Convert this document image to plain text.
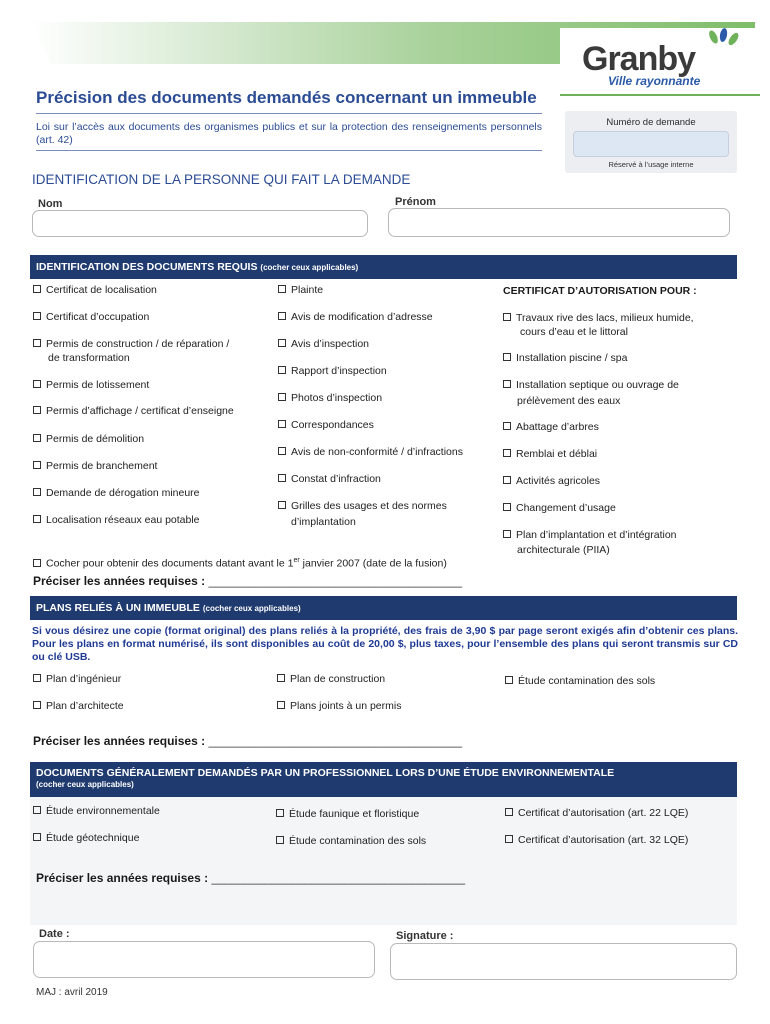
Granby
Ville rayonnante
Précision des documents demandés concernant un immeuble
Loi sur l’accès aux documents des organismes publics et sur la protection des renseignements personnels (art. 42)
Numéro de demande
Réservé à l’usage interne
IDENTIFICATION DE LA PERSONNE QUI FAIT LA DEMANDE
Nom	Prénom
IDENTIFICATION DES DOCUMENTS REQUIS (cocher ceux applicables)
Certificat de localisation
Certificat d’occupation
Permis de construction / de réparation /
de transformation
Permis de lotissement
Permis d’affichage / certificat d’enseigne
Permis de démolition
Permis de branchement
Demande de dérogation mineure
Localisation réseaux eau potable
Plainte
Avis de modification d’adresse
Avis d’inspection
Rapport d’inspection
Photos d’inspection
Correspondances
Avis de non-conformité / d’infractions
Constat d’infraction
Grilles des usages et des normes
d’implantation
CERTIFICAT D’AUTORISATION POUR :
Travaux rive des lacs, milieux humide,
cours d’eau et le littoral
Installation piscine / spa
Installation septique ou ouvrage de
prélèvement des eaux
Abattage d’arbres
Remblai et déblai
Activités agricoles
Changement d’usage
Plan d’implantation et d’intégration
architecturale (PIIA)
Cocher pour obtenir des documents datant avant le 1er janvier 2007 (date de la fusion)
Préciser les années requises : ______________________________________
PLANS RELIÉS À UN IMMEUBLE (cocher ceux applicables)
Si vous désirez une copie (format original) des plans reliés à la propriété, des frais de 3,90 $ par page seront exigés afin d’obtenir ces plans. Pour les plans en format numérisé, ils sont disponibles au coût de 20,00 $, plus taxes, pour l’ensemble des plans qui seront transmis sur CD ou clé USB.
Plan d’ingénieur	Plan de construction	Étude contamination des sols
Plan d’architecte	Plans joints à un permis
Préciser les années requises : ______________________________________
DOCUMENTS GÉNÉRALEMENT DEMANDÉS PAR UN PROFESSIONNEL LORS D’UNE ÉTUDE ENVIRONNEMENTALE
(cocher ceux applicables)
Étude environnementale	Étude faunique et floristique	Certificat d’autorisation (art. 22 LQE)
Étude géotechnique	Étude contamination des sols	Certificat d’autorisation (art. 32 LQE)
Préciser les années requises : ______________________________________
Date :	Signature :
MAJ : avril 2019
